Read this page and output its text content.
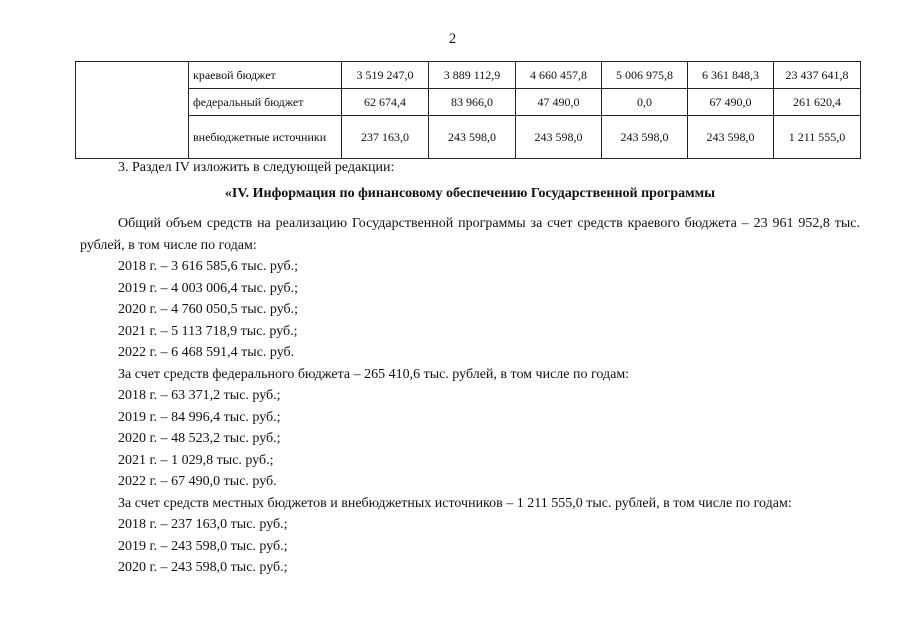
2
	краевой бюджет	3 519 247,0	3 889 112,9	4 660 457,8	5 006 975,8	6 361 848,3	23 437 641,8
	федеральный бюджет	62 674,4	83 966,0	47 490,0	0,0	67 490,0	261 620,4
	внебюджетные источники	237 163,0	243 598,0	243 598,0	243 598,0	243 598,0	1 211 555,0

3. Раздел IV изложить в следующей редакции:

«IV. Информация по финансовому обеспечению Государственной программы

Общий объем средств на реализацию Государственной программы за счет средств краевого бюджета – 23 961 952,8 тыс. рублей, в том числе по годам:

2018 г. – 3 616 585,6 тыс. руб.;

2019 г. – 4 003 006,4 тыс. руб.;

2020 г. – 4 760 050,5 тыс. руб.;

2021 г. – 5 113 718,9 тыс. руб.;

2022 г. – 6 468 591,4 тыс. руб.

За счет средств федерального бюджета – 265 410,6 тыс. рублей, в том числе по годам:

2018 г. – 63 371,2 тыс. руб.;

2019 г. – 84 996,4 тыс. руб.;

2020 г. – 48 523,2 тыс. руб.;

2021 г. – 1 029,8 тыс. руб.;

2022 г. – 67 490,0 тыс. руб.

За счет средств местных бюджетов и внебюджетных источников – 1 211 555,0 тыс. рублей, в том числе по годам:

2018 г. – 237 163,0 тыс. руб.;

2019 г. – 243 598,0 тыс. руб.;

2020 г. – 243 598,0 тыс. руб.;
